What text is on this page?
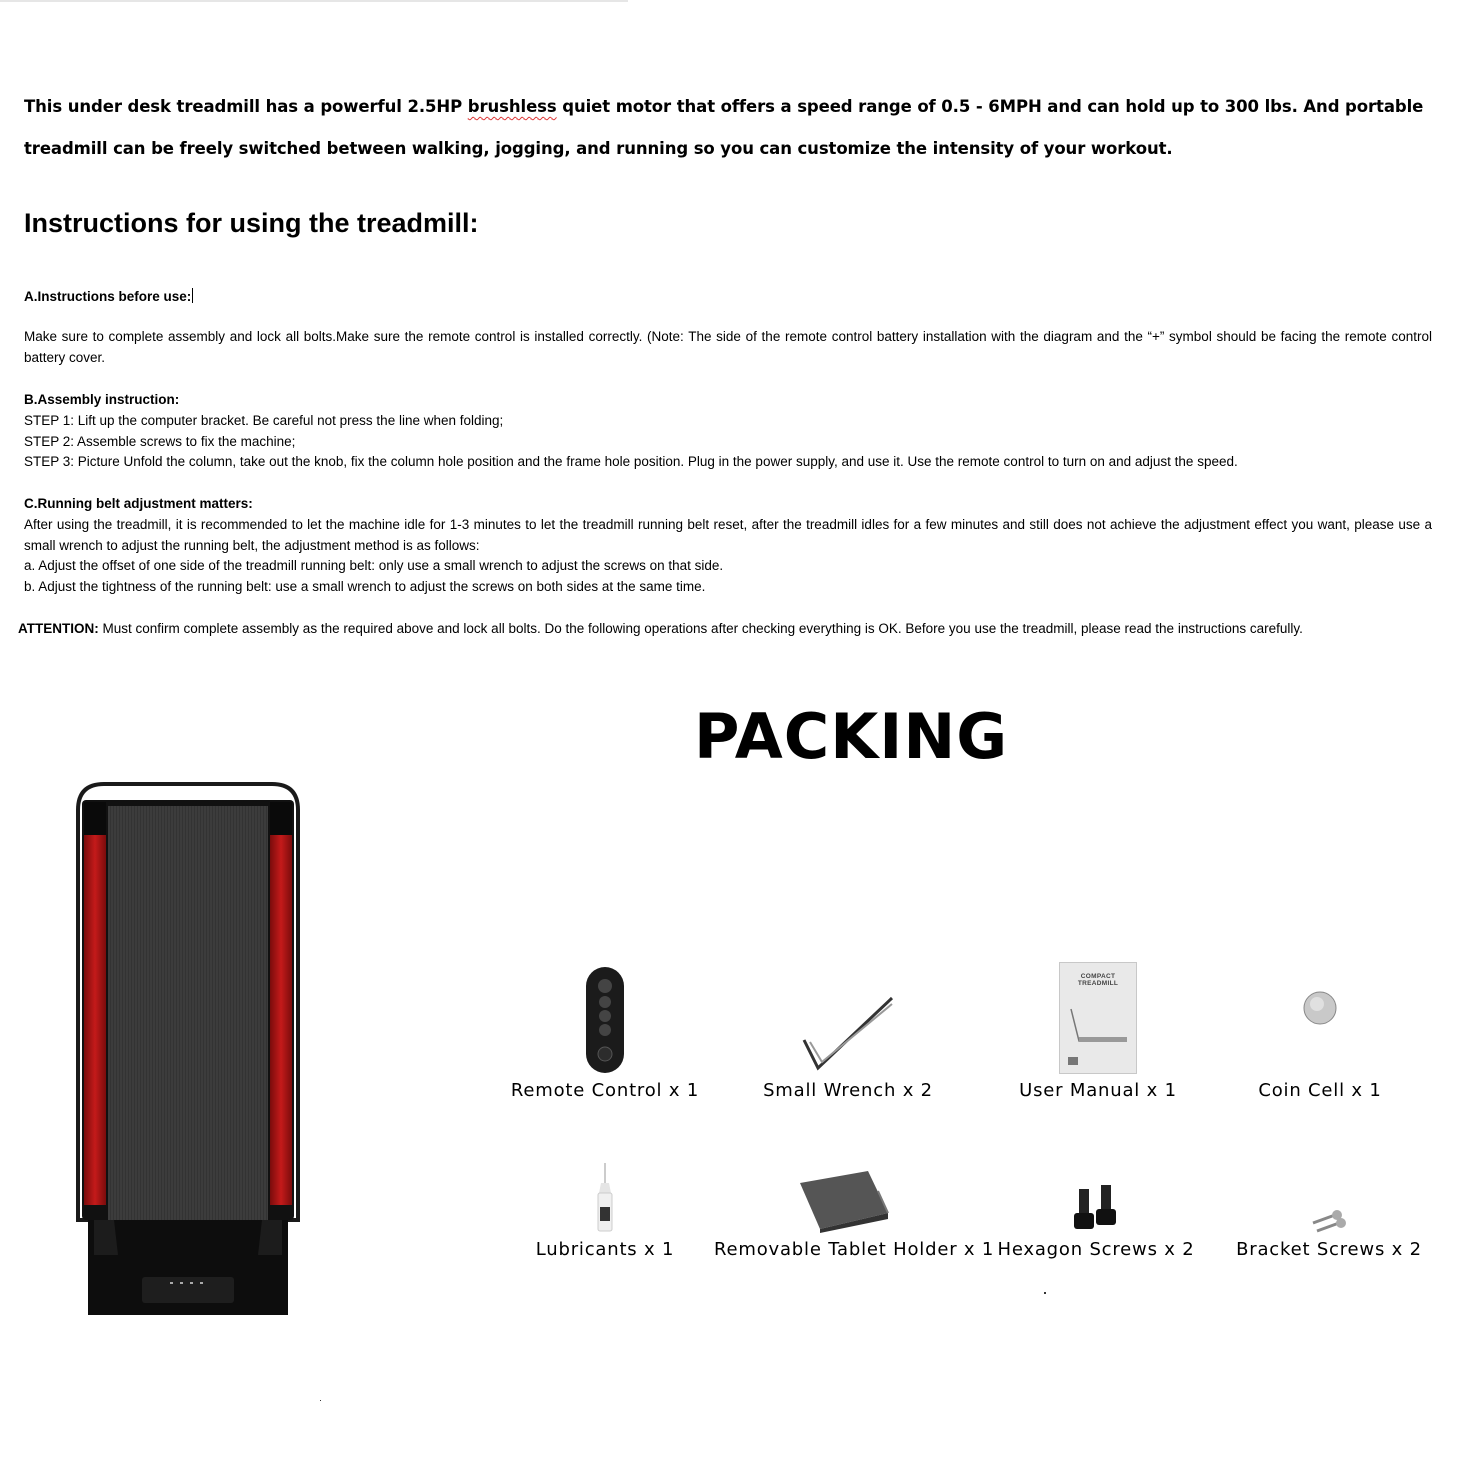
This under desk treadmill has a powerful 2.5HP brushless quiet motor that offers a speed range of 0.5 - 6MPH and can hold up to 300 lbs. And portable treadmill can be freely switched between walking, jogging, and running so you can customize the intensity of your workout.
Instructions for using the treadmill:

A.Instructions before use:

Make sure to complete assembly and lock all bolts.Make sure the remote control is installed correctly. (Note: The side of the remote control battery installation with the diagram and the “+” symbol should be facing the remote control battery cover.

B.Assembly instruction:

STEP 1: Lift up the computer bracket. Be careful not press the line when folding;

STEP 2: Assemble screws to fix the machine;

STEP 3: Picture Unfold the column, take out the knob, fix the column hole position and the frame hole position. Plug in the power supply, and use it. Use the remote control to turn on and adjust the speed.

C.Running belt adjustment matters:

After using the treadmill, it is recommended to let the machine idle for 1-3 minutes to let the treadmill running belt reset, after the treadmill idles for a few minutes and still does not achieve the adjustment effect you want, please use a small wrench to adjust the running belt, the adjustment method is as follows:

a. Adjust the offset of one side of the treadmill running belt: only use a small wrench to adjust the screws on that side.

b. Adjust the tightness of the running belt: use a small wrench to adjust the screws on both sides at the same time.

ATTENTION: Must confirm complete assembly as the required above and lock all bolts. Do the following operations after checking everything is OK. Before you use the treadmill, please read the instructions carefully.
PACKING
Remote Control x 1	Small Wrench x 2
COMPACT TREADMILL
User Manual x 1	Coin Cell x 1
Lubricants x 1	Removable Tablet Holder x 1 Hexagon Screws x 2	Bracket Screws x 2
